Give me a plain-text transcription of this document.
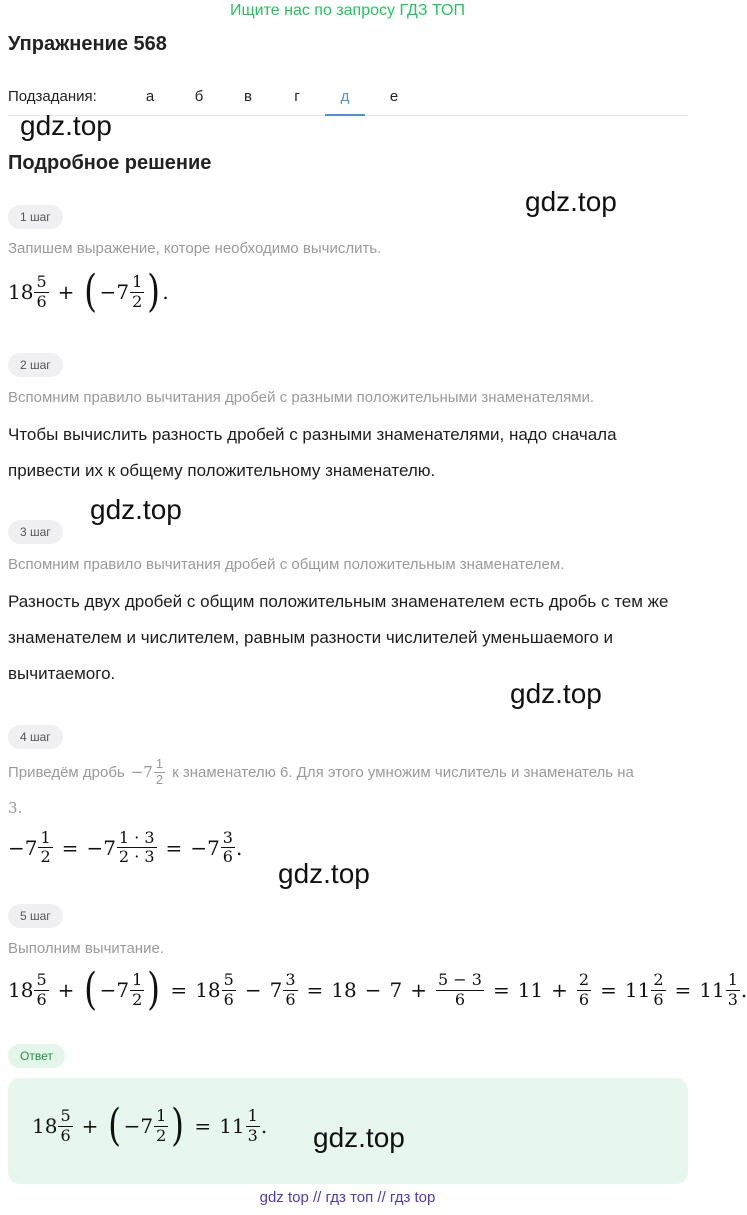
Ищите нас по запросу ГДЗ ТОП
Упражнение 568
Подзадания:	а	б	в	г	д	е
gdz.top
Подробное решение
gdz.top
1 шаг
Запишем выражение, которе необходимо вычислить.
$18 \frac{5}{6}$ + ( $-7 \frac{1}{2}$ ) .
2 шаг
Вспомним правило вычитания дробей с разными положительными знаменателями.
Чтобы вычислить разность дробей с разными знаменателями, надо сначала привести их к общему положительному знаменателю.
gdz.top
3 шаг
Вспомним правило вычитания дробей с общим положительным знаменателем.
Разность двух дробей с общим положительным знаменателем есть дробь с тем же знаменателем и числителем, равным разности числителей уменьшаемого и вычитаемого.
gdz.top
4 шаг
Приведём дробь $-7 \frac{1}{2}$ к знаменателю 6. Для этого умножим числитель и знаменатель на
3.
$-7 \frac{1}{2} = -7 \frac{1 \cdot 3}{2 \cdot 3} = -7 \frac{3}{6}$ .
gdz.top
5 шаг
Выполним вычитание.
$18 \frac{5}{6}$ + ( $-7 \frac{1}{2}$ ) = $18 \frac{5}{6} - 7 \frac{3}{6} = 18 - 7 + \frac{5 - 3}{6} = 11 + \frac{2}{6} = 11 \frac{2}{6} = 11 \frac{1}{3}$ .
Ответ
$18 \frac{5}{6}$ + ( $-7 \frac{1}{2}$ ) = $11 \frac{1}{3}$ . gdz.top
gdz top // гдз топ // гдз top
